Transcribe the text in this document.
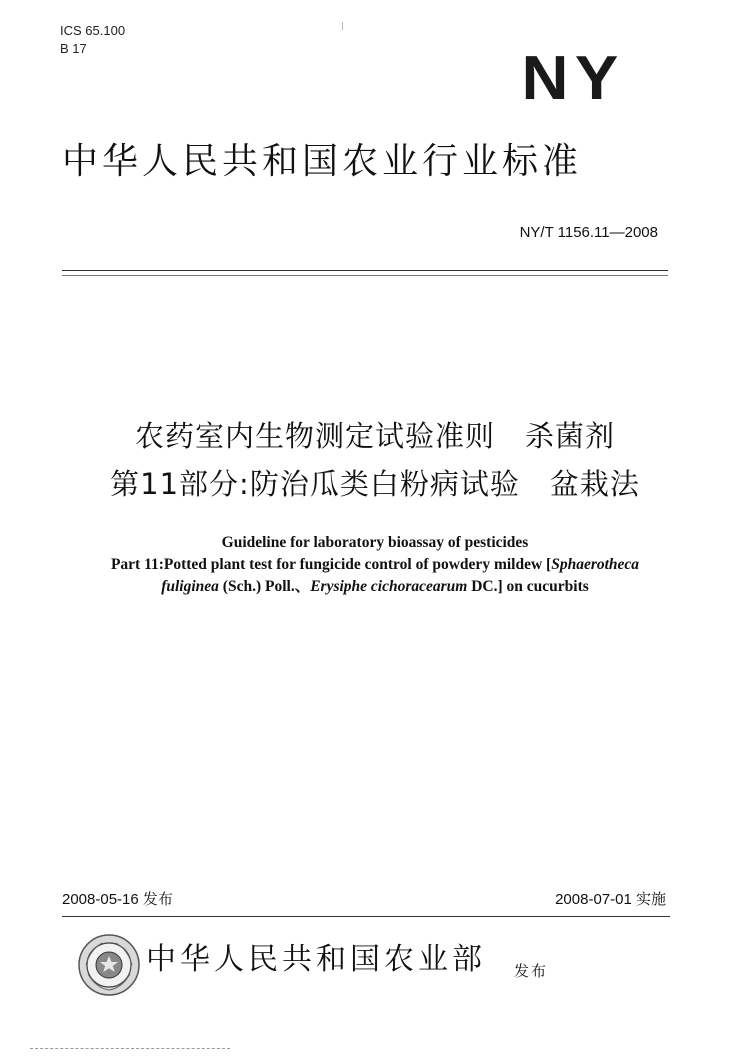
ICS 65.100
B 17	NY
中华人民共和国农业行业标准
NY/T 1156.11—2008
农药室内生物测定试验准则 杀菌剂
第11部分:防治瓜类白粉病试验 盆栽法
Guideline for laboratory bioassay of pesticides
Part 11:Potted plant test for fungicide control of powdery mildew [Sphaerotheca
fuliginea (Sch.) Poll.、Erysiphe cichoracearum DC.] on cucurbits
2008-05-16 发布	2008-07-01 实施
中华人民共和国农业部 发布
